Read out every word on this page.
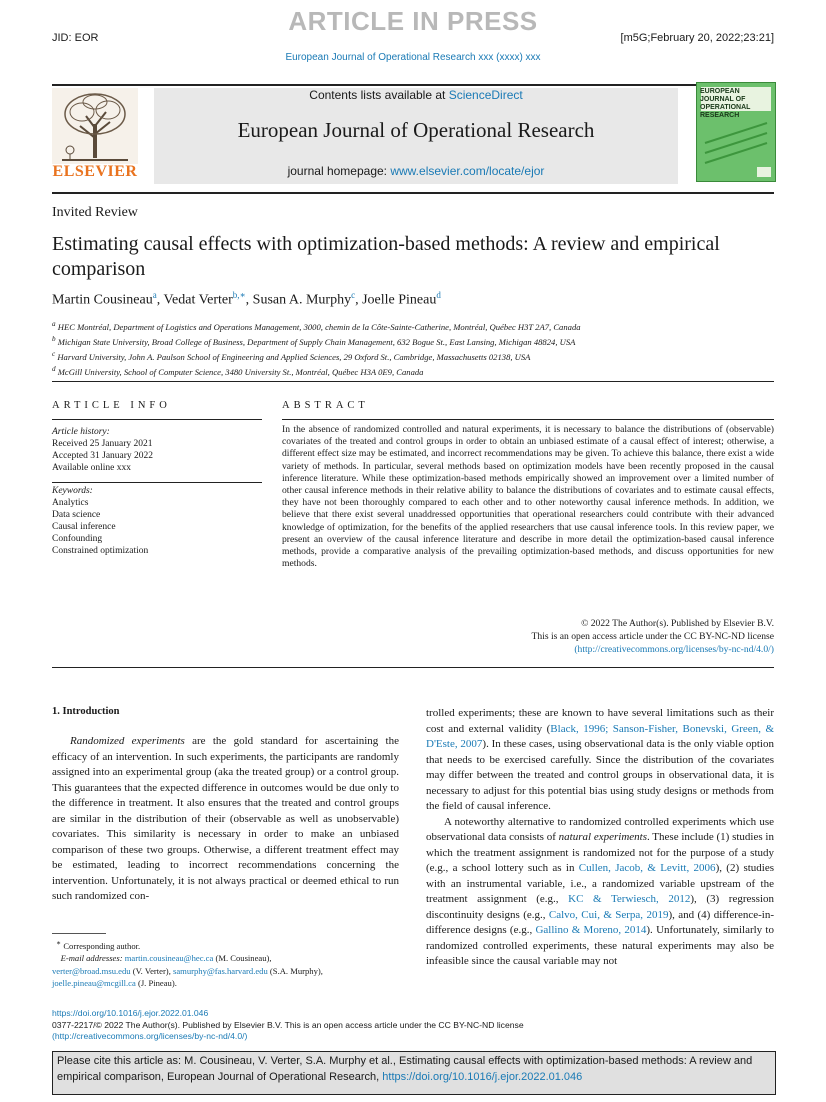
ARTICLE IN PRESS
JID: EOR	[m5G;February 20, 2022;23:21]
European Journal of Operational Research xxx (xxxx) xxx
ELSEVIER
Contents lists available at ScienceDirect
European Journal of Operational Research
journal homepage: www.elsevier.com/locate/ejor
EUROPEAN JOURNAL OF OPERATIONAL RESEARCH
Invited Review
Estimating causal effects with optimization-based methods: A review and empirical comparison
Martin Cousineau$^a$, Vedat Verter$^{b,∗}$, Susan A. Murphy$^c$, Joelle Pineau$^d$
$^a$ HEC Montréal, Department of Logistics and Operations Management, 3000, chemin de la Côte-Sainte-Catherine, Montréal, Québec H3T 2A7, Canada
$^b$ Michigan State University, Broad College of Business, Department of Supply Chain Management, 632 Bogue St., East Lansing, Michigan 48824, USA
$^c$ Harvard University, John A. Paulson School of Engineering and Applied Sciences, 29 Oxford St., Cambridge, Massachusetts 02138, USA
$^d$ McGill University, School of Computer Science, 3480 University St., Montréal, Québec H3A 0E9, Canada
ARTICLE INFO
Article history:
Received 25 January 2021
Accepted 31 January 2022
Available online xxx
Keywords:
Analytics
Data science
Causal inference
Confounding
Constrained optimization
ABSTRACT
In the absence of randomized controlled and natural experiments, it is necessary to balance the distributions of (observable) covariates of the treated and control groups in order to obtain an unbiased estimate of a causal effect of interest; otherwise, a different effect size may be estimated, and incorrect recommendations may be given. To achieve this balance, there exist a wide variety of methods. In particular, several methods based on optimization models have been recently proposed in the causal inference literature. While these optimization-based methods empirically showed an improvement over a limited number of other causal inference methods in their relative ability to balance the distributions of covariates and to estimate causal effects, they have not been thoroughly compared to each other and to other noteworthy causal inference methods. In addition, we believe that there exist several unaddressed opportunities that operational researchers could contribute with their advanced knowledge of optimization, for the benefits of the applied researchers that use causal inference tools. In this review paper, we present an overview of the causal inference literature and describe in more detail the optimization-based causal inference methods, provide a comparative analysis of the prevailing optimization-based methods, and discuss opportunities for new methods.
© 2022 The Author(s). Published by Elsevier B.V.
This is an open access article under the CC BY-NC-ND license
(http://creativecommons.org/licenses/by-nc-nd/4.0/)
1. Introduction

Randomized experiments are the gold standard for ascertaining the efficacy of an intervention. In such experiments, the participants are randomly assigned into an experimental group (aka the treated group) or a control group. This guarantees that the expected difference in outcomes would be due only to the difference in treatment. It also ensures that the treated and control groups are similar in the distribution of their (observable as well as unobservable) covariates. This similarity is necessary in order to make an unbiased comparison of these two groups. Otherwise, a different treatment effect may be estimated, leading to incorrect recommendations concerning the intervention. Unfortunately, it is not always practical or deemed ethical to run such randomized con-

trolled experiments; these are known to have several limitations such as their cost and external validity (Black, 1996; Sanson-Fisher, Bonevski, Green, & D'Este, 2007). In these cases, using observational data is the only viable option that needs to be exercised carefully. Since the distribution of the covariates may differ between the treated and control groups in observational data, it is necessary to adjust for this potential bias using study designs or methods from the field of causal inference.

A noteworthy alternative to randomized controlled experiments which use observational data consists of natural experiments. These include (1) studies in which the treatment assignment is randomized not for the purpose of a study (e.g., a school lottery such as in Cullen, Jacob, & Levitt, 2006), (2) studies with an instrumental variable, i.e., a randomized variable upstream of the treatment assignment (e.g., KC & Terwiesch, 2012), (3) regression discontinuity designs (e.g., Calvo, Cui, & Serpa, 2019), and (4) difference-in-difference designs (e.g., Gallino & Moreno, 2014). Unfortunately, similarly to randomized controlled experiments, these natural experiments may also be infeasible since the causal variable may not

∗ Corresponding author.
E-mail addresses: martin.cousineau@hec.ca (M. Cousineau),
verter@broad.msu.edu (V. Verter), samurphy@fas.harvard.edu (S.A. Murphy),
joelle.pineau@mcgill.ca (J. Pineau).
https://doi.org/10.1016/j.ejor.2022.01.046
0377-2217/© 2022 The Author(s). Published by Elsevier B.V. This is an open access article under the CC BY-NC-ND license
(http://creativecommons.org/licenses/by-nc-nd/4.0/)
Please cite this article as: M. Cousineau, V. Verter, S.A. Murphy et al., Estimating causal effects with optimization-based methods: A review and empirical comparison, European Journal of Operational Research, https://doi.org/10.1016/j.ejor.2022.01.046
